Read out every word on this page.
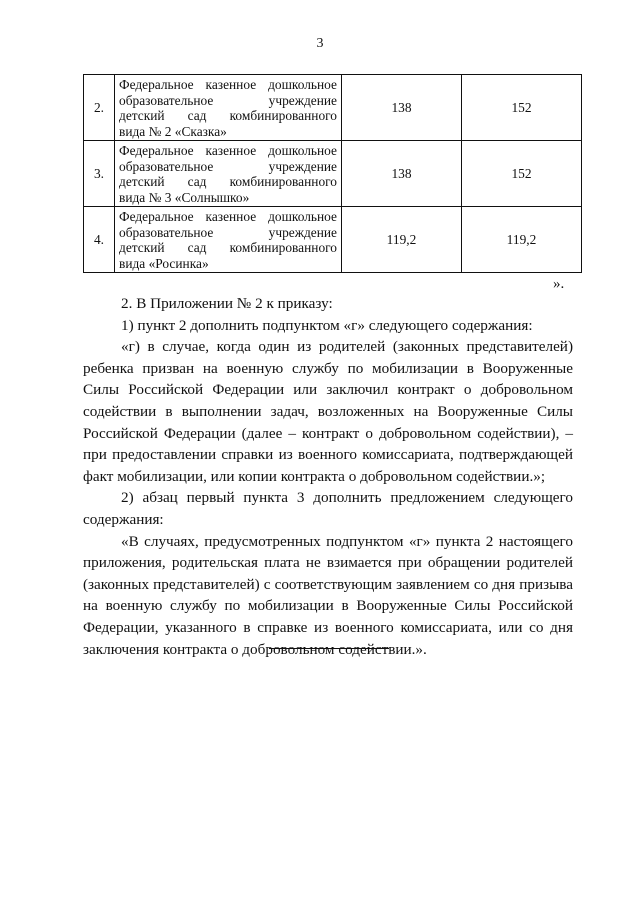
3
2.	Федеральное казенное дошкольное
образовательное учреждение
детский сад комбинированного
вида № 2 «Сказка»	138	152
3.	Федеральное казенное дошкольное
образовательное учреждение
детский сад комбинированного
вида № 3 «Солнышко»	138	152
4.	Федеральное казенное дошкольное
образовательное учреждение
детский сад комбинированного
вида «Росинка»	119,2	119,2
».

2. В Приложении № 2 к приказу:

1) пункт 2 дополнить подпунктом «г» следующего содержания:

«г) в случае, когда один из родителей (законных представителей) ребенка призван на военную службу по мобилизации в Вооруженные Силы Российской Федерации или заключил контракт о добровольном содействии в выполнении задач, возложенных на Вооруженные Силы Российской Федерации (далее – контракт о добровольном содействии), – при предоставлении справки из военного комиссариата, подтверждающей факт мобилизации, или копии контракта о добровольном содействии.»;

2) абзац первый пункта 3 дополнить предложением следующего содержания:

«В случаях, предусмотренных подпунктом «г» пункта 2 настоящего приложения, родительская плата не взимается при обращении родителей (законных представителей) с соответствующим заявлением со дня призыва на военную службу по мобилизации в Вооруженные Силы Российской Федерации, указанного в справке из военного комиссариата, или со дня заключения контракта о добровольном содействии.».
